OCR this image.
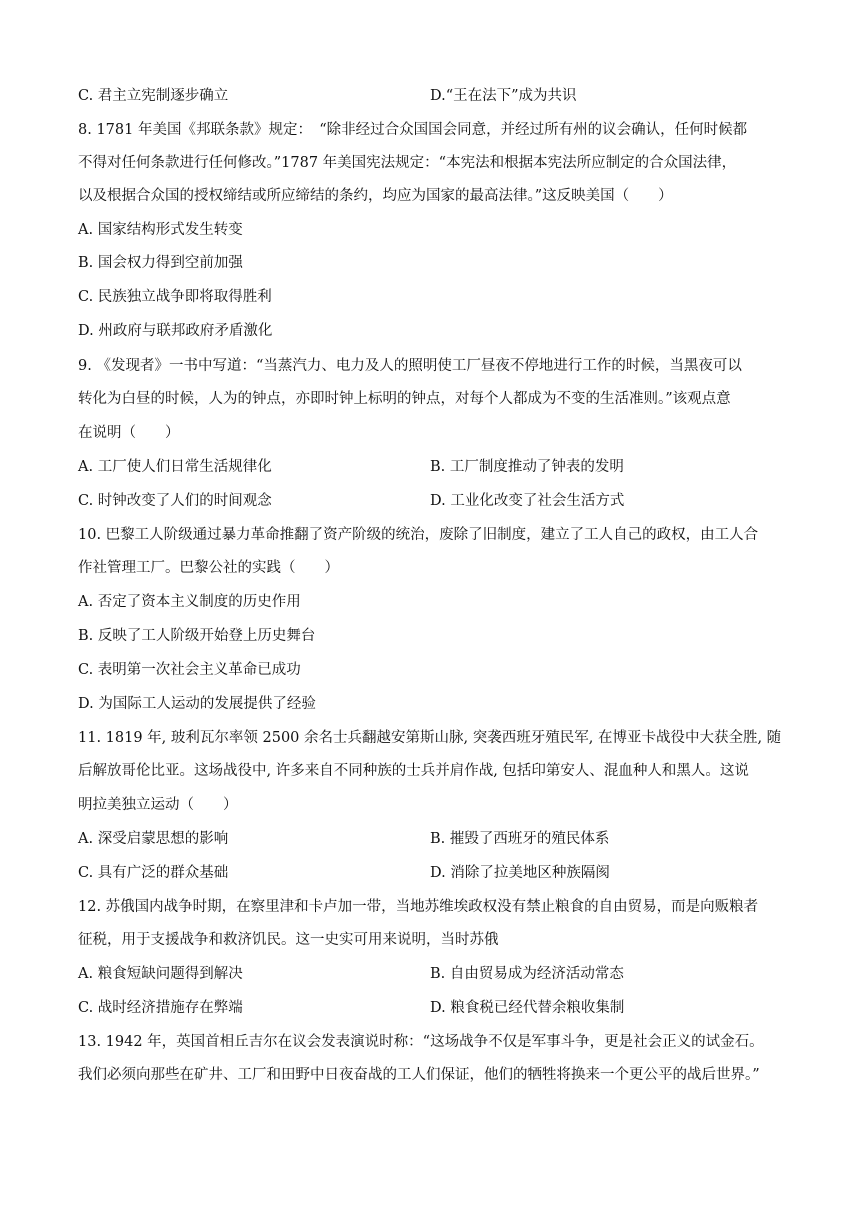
C. 君主立宪制逐步确立	D.“王在法下”成为共识
8. 1781 年美国《邦联条款》规定：　“除非经过合众国国会同意，并经过所有州的议会确认，任何时候都
不得对任何条款进行任何修改。”1787 年美国宪法规定：“本宪法和根据本宪法所应制定的合众国法律，
以及根据合众国的授权缔结或所应缔结的条约，均应为国家的最高法律。”这反映美国（　　）
A. 国家结构形式发生转变
B. 国会权力得到空前加强
C. 民族独立战争即将取得胜利
D. 州政府与联邦政府矛盾激化
9. 《发现者》一书中写道：“当蒸汽力、电力及人的照明使工厂昼夜不停地进行工作的时候，当黑夜可以
转化为白昼的时候，人为的钟点，亦即时钟上标明的钟点，对每个人都成为不变的生活准则。”该观点意
在说明（　　）
A. 工厂使人们日常生活规律化	B. 工厂制度推动了钟表的发明
C. 时钟改变了人们的时间观念	D. 工业化改变了社会生活方式
10. 巴黎工人阶级通过暴力革命推翻了资产阶级的统治，废除了旧制度，建立了工人自己的政权，由工人合
作社管理工厂。巴黎公社的实践（　　）
A. 否定了资本主义制度的历史作用
B. 反映了工人阶级开始登上历史舞台
C. 表明第一次社会主义革命已成功
D. 为国际工人运动的发展提供了经验
11. 1819 年, 玻利瓦尔率领 2500 余名士兵翻越安第斯山脉, 突袭西班牙殖民军, 在博亚卡战役中大获全胜, 随
后解放哥伦比亚。这场战役中, 许多来自不同种族的士兵并肩作战, 包括印第安人、混血种人和黑人。这说
明拉美独立运动（　　）
A. 深受启蒙思想的影响	B. 摧毁了西班牙的殖民体系
C. 具有广泛的群众基础	D. 消除了拉美地区种族隔阂
12. 苏俄国内战争时期，在察里津和卡卢加一带，当地苏维埃政权没有禁止粮食的自由贸易，而是向贩粮者
征税，用于支援战争和救济饥民。这一史实可用来说明，当时苏俄
A. 粮食短缺问题得到解决	B. 自由贸易成为经济活动常态
C. 战时经济措施存在弊端	D. 粮食税已经代替余粮收集制
13. 1942 年，英国首相丘吉尔在议会发表演说时称：“这场战争不仅是军事斗争，更是社会正义的试金石。
我们必须向那些在矿井、工厂和田野中日夜奋战的工人们保证，他们的牺牲将换来一个更公平的战后世界。”
